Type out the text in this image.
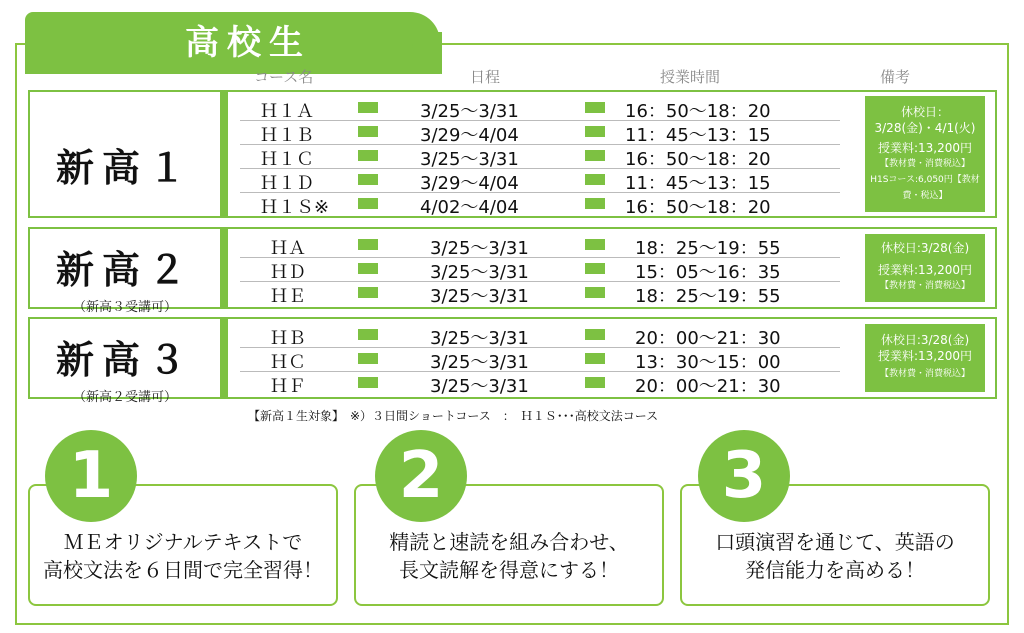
高校生
コース名	日程	授業時間	備考
新高１
Ｈ１Ａ	3/25～3/31	16：50～18：20
Ｈ１Ｂ	3/29～4/04	11：45～13：15
Ｈ１Ｃ	3/25～3/31	16：50～18：20
Ｈ１Ｄ	3/29～4/04	11：45～13：15
Ｈ１Ｓ※	4/02～4/04	16：50～18：20
休校日：
3/28(金)・4/1(火)
授業料:13,200円
【教材費・消費税込】
H1Sコース:6,050円【教材費・税込】
新高２
（新高３受講可）
ＨＡ	3/25～3/31	18：25～19：55
ＨＤ	3/25～3/31	15：05～16：35
ＨＥ	3/25～3/31	18：25～19：55
休校日:3/28(金)
授業料:13,200円
【教材費・消費税込】
新高３
（新高２受講可）
ＨＢ	3/25～3/31	20：00～21：30
ＨＣ	3/25～3/31	13：30～15：00
ＨＦ	3/25～3/31	20：00～21：30
休校日:3/28(金)
授業料:13,200円
【教材費・消費税込】
【新高１生対象】　※）３日間ショートコース　：　Ｈ１Ｓ･･･高校文法コース
ＭＥオリジナルテキストで
高校文法を６日間で完全習得！
1
精読と速読を組み合わせ、
長文読解を得意にする！
2
口頭演習を通じて、英語の
発信能力を高める！
3
